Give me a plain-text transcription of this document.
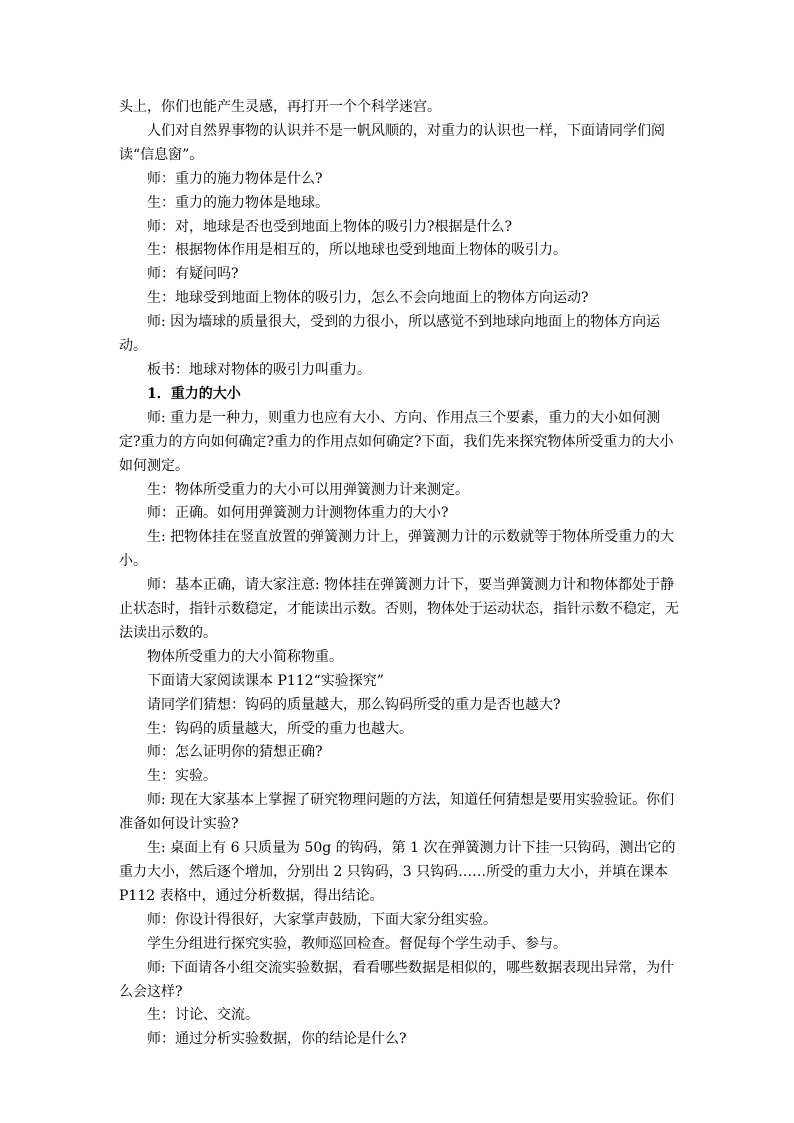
头上，你们也能产生灵感，再打开一个个科学迷宫。

人们对自然界事物的认识并不是一帆风顺的，对重力的认识也一样，下面请同学们阅读“信息窗”。

师：重力的施力物体是什么?

生：重力的施力物体是地球。

师：对，地球是否也受到地面上物体的吸引力?根据是什么?

生：根据物体作用是相互的，所以地球也受到地面上物体的吸引力。

师：有疑问吗?

生：地球受到地面上物体的吸引力，怎么不会向地面上的物体方向运动?

师: 因为墙球的质量很大，受到的力很小，所以感觉不到地球向地面上的物体方向运动。

板书：地球对物体的吸引力叫重力。

1．重力的大小

师: 重力是一种力，则重力也应有大小、方向、作用点三个要素，重力的大小如何测定?重力的方向如何确定?重力的作用点如何确定?下面，我们先来探究物体所受重力的大小如何测定。

生：物体所受重力的大小可以用弹簧测力计来测定。

师：正确。如何用弹簧测力计测物体重力的大小?

生: 把物体挂在竖直放置的弹簧测力计上，弹簧测力计的示数就等于物体所受重力的大小。

师：基本正确，请大家注意: 物体挂在弹簧测力计下，要当弹簧测力计和物体都处于静止状态时，指针示数稳定，才能读出示数。否则，物体处于运动状态，指针示数不稳定，无法读出示数的。

物体所受重力的大小简称物重。

下面请大家阅读课本 P112“实验探究”

请同学们猜想：钩码的质量越大，那么钩码所受的重力是否也越大?

生：钩码的质量越大，所受的重力也越大。

师：怎么证明你的猜想正确?

生：实验。

师: 现在大家基本上掌握了研究物理问题的方法，知道任何猜想是要用实验验证。你们准备如何设计实验?

生: 桌面上有 6 只质量为 50g 的钩码，第 1 次在弹簧测力计下挂一只钩码，测出它的重力大小，然后逐个增加，分别出 2 只钩码，3 只钩码……所受的重力大小，并填在课本 P112 表格中，通过分析数据，得出结论。

师：你设计得很好，大家掌声鼓励，下面大家分组实验。

学生分组进行探究实验，教师巡回检查。督促每个学生动手、参与。

师: 下面请各小组交流实验数据，看看哪些数据是相似的，哪些数据表现出异常，为什么会这样?

生：讨论、交流。

师：通过分析实验数据，你的结论是什么?
